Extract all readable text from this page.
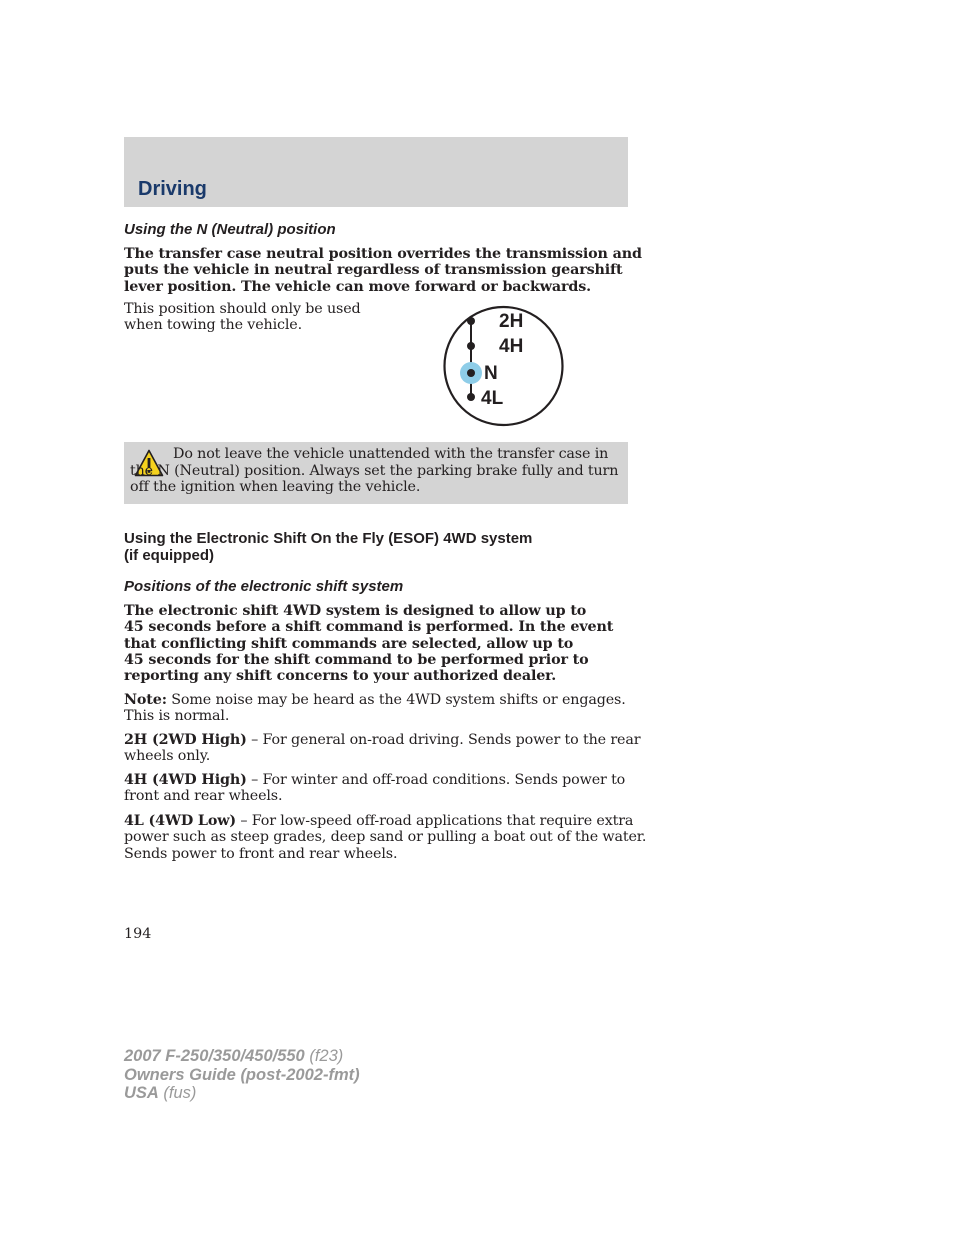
Driving
Using the N (Neutral) position

The transfer case neutral position overrides the transmission and
puts the vehicle in neutral regardless of transmission gearshift
lever position. The vehicle can move forward or backwards.

This position should only be used
when towing the vehicle.	2H
4H
N
4L

Do not leave the vehicle unattended with the transfer case in the N (Neutral) position. Always set the parking brake fully and turn off the ignition when leaving the vehicle.

Using the Electronic Shift On the Fly (ESOF) 4WD system
(if equipped)
Positions of the electronic shift system

The electronic shift 4WD system is designed to allow up to
45 seconds before a shift command is performed. In the event
that conflicting shift commands are selected, allow up to
45 seconds for the shift command to be performed prior to
reporting any shift concerns to your authorized dealer.

Note: Some noise may be heard as the 4WD system shifts or engages.
This is normal.

2H (2WD High) – For general on-road driving. Sends power to the rear
wheels only.

4H (4WD High) – For winter and off-road conditions. Sends power to
front and rear wheels.

4L (4WD Low) – For low-speed off-road applications that require extra
power such as steep grades, deep sand or pulling a boat out of the water.
Sends power to front and rear wheels.

194

2007 F-250/350/450/550 (f23)
Owners Guide (post-2002-fmt)
USA (fus)
